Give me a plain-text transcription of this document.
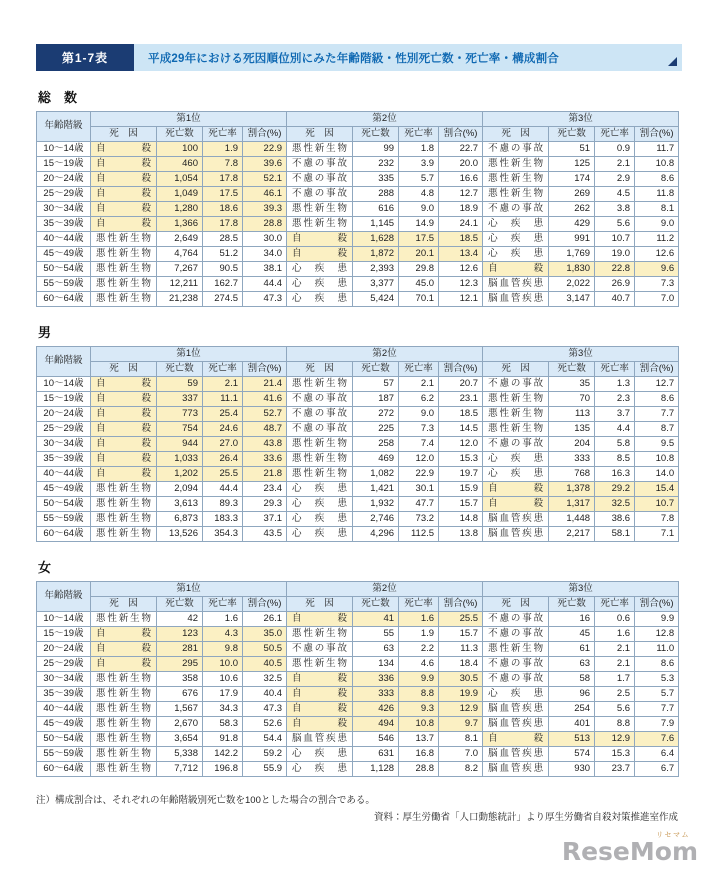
第1-7表	平成29年における死因順位別にみた年齢階級・性別死亡数・死亡率・構成割合
総　数
年齢階級	第1位				第2位				第3位			
	死　因	死亡数	死亡率	割合(%)	死　因	死亡数	死亡率	割合(%)	死　因	死亡数	死亡率	割合(%)
10～14歳	自殺	100	1.9	22.9	悪性新生物	99	1.8	22.7	不慮の事故	51	0.9	11.7
15～19歳	自殺	460	7.8	39.6	不慮の事故	232	3.9	20.0	悪性新生物	125	2.1	10.8
20～24歳	自殺	1,054	17.8	52.1	不慮の事故	335	5.7	16.6	悪性新生物	174	2.9	8.6
25～29歳	自殺	1,049	17.5	46.1	不慮の事故	288	4.8	12.7	悪性新生物	269	4.5	11.8
30～34歳	自殺	1,280	18.6	39.3	悪性新生物	616	9.0	18.9	不慮の事故	262	3.8	8.1
35～39歳	自殺	1,366	17.8	28.8	悪性新生物	1,145	14.9	24.1	心疾患	429	5.6	9.0
40～44歳	悪性新生物	2,649	28.5	30.0	自殺	1,628	17.5	18.5	心疾患	991	10.7	11.2
45～49歳	悪性新生物	4,764	51.2	34.0	自殺	1,872	20.1	13.4	心疾患	1,769	19.0	12.6
50～54歳	悪性新生物	7,267	90.5	38.1	心疾患	2,393	29.8	12.6	自殺	1,830	22.8	9.6
55～59歳	悪性新生物	12,211	162.7	44.4	心疾患	3,377	45.0	12.3	脳血管疾患	2,022	26.9	7.3
60～64歳	悪性新生物	21,238	274.5	47.3	心疾患	5,424	70.1	12.1	脳血管疾患	3,147	40.7	7.0
男
年齢階級	第1位				第2位				第3位			
	死　因	死亡数	死亡率	割合(%)	死　因	死亡数	死亡率	割合(%)	死　因	死亡数	死亡率	割合(%)
10～14歳	自殺	59	2.1	21.4	悪性新生物	57	2.1	20.7	不慮の事故	35	1.3	12.7
15～19歳	自殺	337	11.1	41.6	不慮の事故	187	6.2	23.1	悪性新生物	70	2.3	8.6
20～24歳	自殺	773	25.4	52.7	不慮の事故	272	9.0	18.5	悪性新生物	113	3.7	7.7
25～29歳	自殺	754	24.6	48.7	不慮の事故	225	7.3	14.5	悪性新生物	135	4.4	8.7
30～34歳	自殺	944	27.0	43.8	悪性新生物	258	7.4	12.0	不慮の事故	204	5.8	9.5
35～39歳	自殺	1,033	26.4	33.6	悪性新生物	469	12.0	15.3	心疾患	333	8.5	10.8
40～44歳	自殺	1,202	25.5	21.8	悪性新生物	1,082	22.9	19.7	心疾患	768	16.3	14.0
45～49歳	悪性新生物	2,094	44.4	23.4	心疾患	1,421	30.1	15.9	自殺	1,378	29.2	15.4
50～54歳	悪性新生物	3,613	89.3	29.3	心疾患	1,932	47.7	15.7	自殺	1,317	32.5	10.7
55～59歳	悪性新生物	6,873	183.3	37.1	心疾患	2,746	73.2	14.8	脳血管疾患	1,448	38.6	7.8
60～64歳	悪性新生物	13,526	354.3	43.5	心疾患	4,296	112.5	13.8	脳血管疾患	2,217	58.1	7.1
女
年齢階級	第1位				第2位				第3位			
	死　因	死亡数	死亡率	割合(%)	死　因	死亡数	死亡率	割合(%)	死　因	死亡数	死亡率	割合(%)
10～14歳	悪性新生物	42	1.6	26.1	自殺	41	1.6	25.5	不慮の事故	16	0.6	9.9
15～19歳	自殺	123	4.3	35.0	悪性新生物	55	1.9	15.7	不慮の事故	45	1.6	12.8
20～24歳	自殺	281	9.8	50.5	不慮の事故	63	2.2	11.3	悪性新生物	61	2.1	11.0
25～29歳	自殺	295	10.0	40.5	悪性新生物	134	4.6	18.4	不慮の事故	63	2.1	8.6
30～34歳	悪性新生物	358	10.6	32.5	自殺	336	9.9	30.5	不慮の事故	58	1.7	5.3
35～39歳	悪性新生物	676	17.9	40.4	自殺	333	8.8	19.9	心疾患	96	2.5	5.7
40～44歳	悪性新生物	1,567	34.3	47.3	自殺	426	9.3	12.9	脳血管疾患	254	5.6	7.7
45～49歳	悪性新生物	2,670	58.3	52.6	自殺	494	10.8	9.7	脳血管疾患	401	8.8	7.9
50～54歳	悪性新生物	3,654	91.8	54.4	脳血管疾患	546	13.7	8.1	自殺	513	12.9	7.6
55～59歳	悪性新生物	5,338	142.2	59.2	心疾患	631	16.8	7.0	脳血管疾患	574	15.3	6.4
60～64歳	悪性新生物	7,712	196.8	55.9	心疾患	1,128	28.8	8.2	脳血管疾患	930	23.7	6.7
注）構成割合は、それぞれの年齢階級別死亡数を100とした場合の割合である。
資料：厚生労働省「人口動態統計」より厚生労働省自殺対策推進室作成
リセマム
ReseMom
